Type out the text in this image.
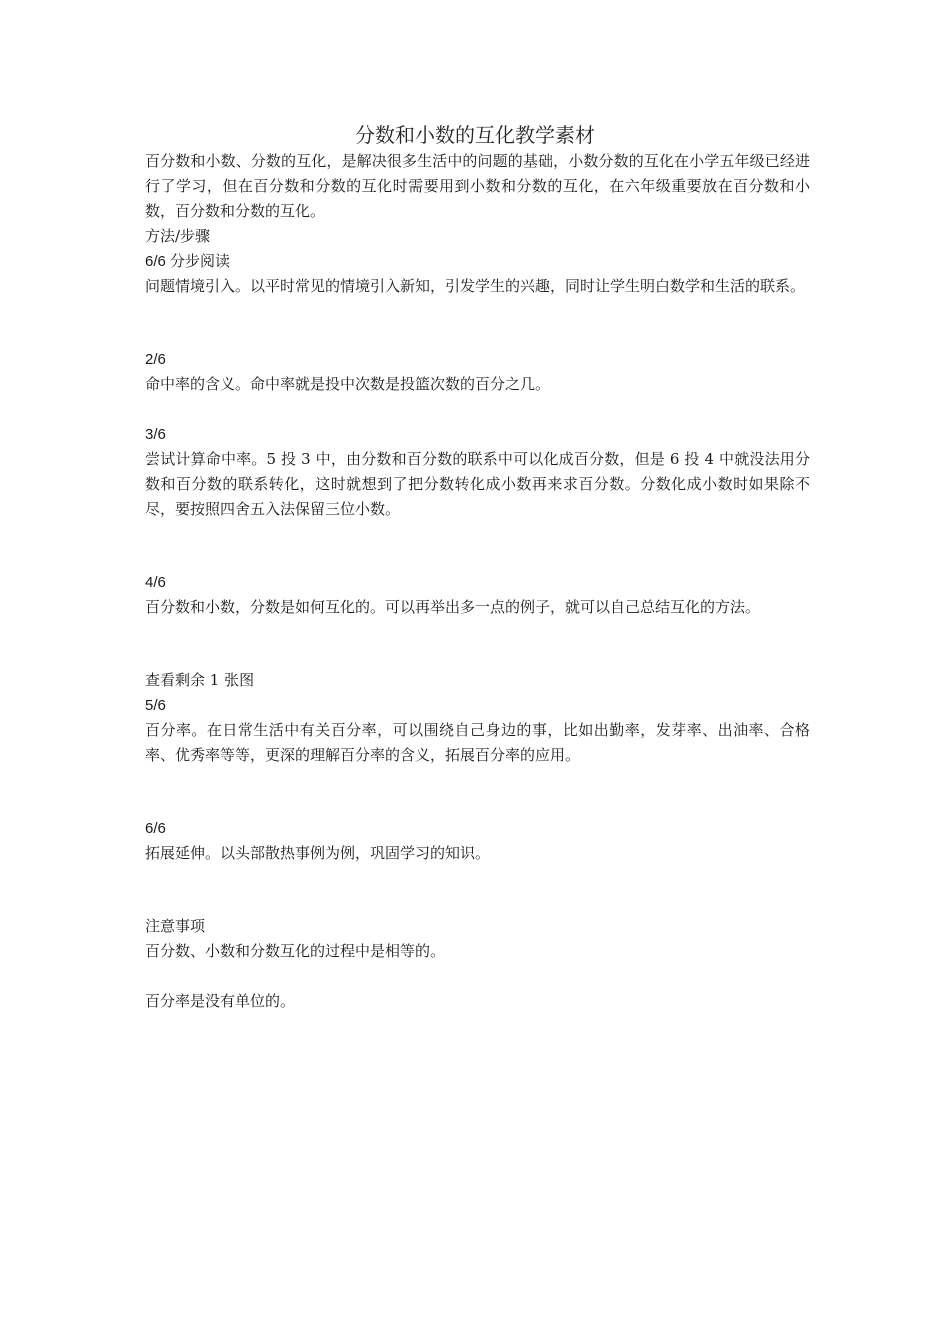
分数和小数的互化教学素材

百分数和小数、分数的互化，是解决很多生活中的问题的基础，小数分数的互化在小学五年级已经进行了学习，但在百分数和分数的互化时需要用到小数和分数的互化，在六年级重要放在百分数和小数，百分数和分数的互化。

方法/步骤

6/6 分步阅读

问题情境引入。以平时常见的情境引入新知，引发学生的兴趣，同时让学生明白数学和生活的联系。

2/6

命中率的含义。命中率就是投中次数是投篮次数的百分之几。

3/6

尝试计算命中率。5 投 3 中，由分数和百分数的联系中可以化成百分数，但是 6 投 4 中就没法用分数和百分数的联系转化，这时就想到了把分数转化成小数再来求百分数。分数化成小数时如果除不尽，要按照四舍五入法保留三位小数。

4/6

百分数和小数，分数是如何互化的。可以再举出多一点的例子，就可以自己总结互化的方法。

查看剩余 1 张图

5/6

百分率。在日常生活中有关百分率，可以围绕自己身边的事，比如出勤率，发芽率、出油率、合格率、优秀率等等，更深的理解百分率的含义，拓展百分率的应用。

6/6

拓展延伸。以头部散热事例为例，巩固学习的知识。

注意事项

百分数、小数和分数互化的过程中是相等的。

百分率是没有单位的。
